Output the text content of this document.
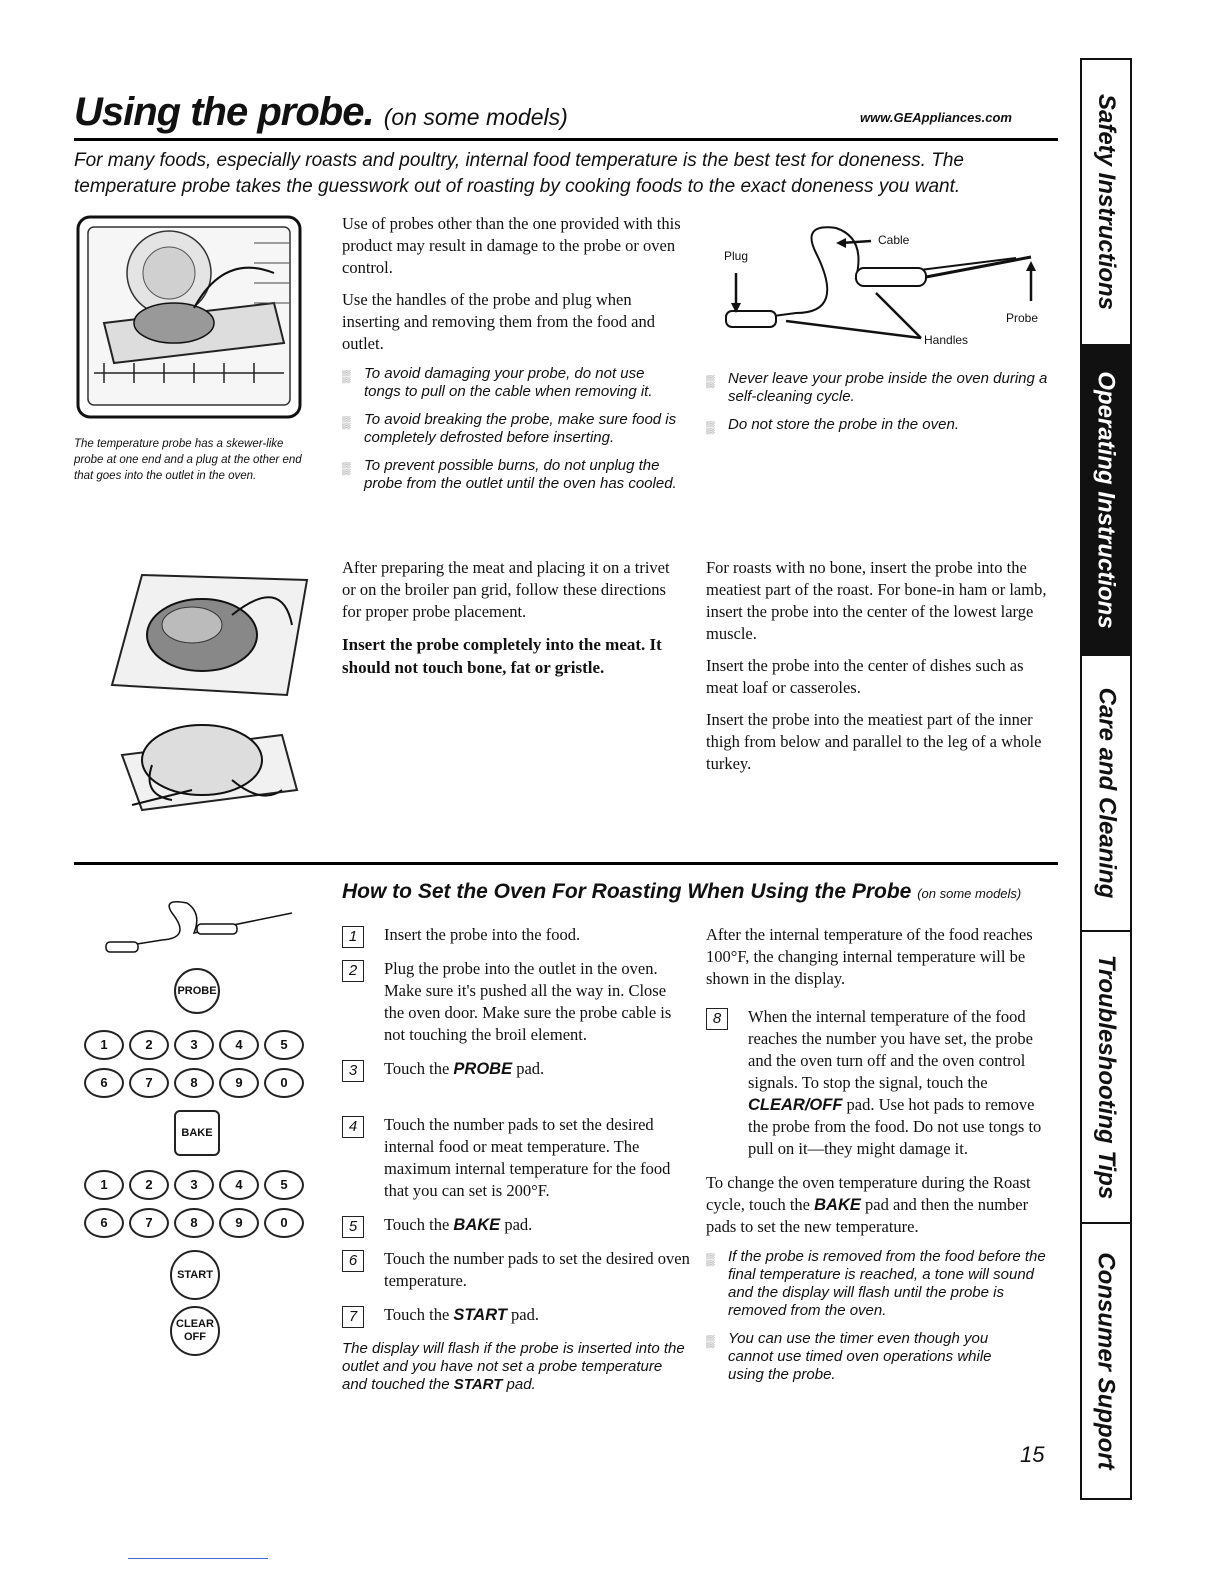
Using the probe. (on some models)	www.GEAppliances.com
For many foods, especially roasts and poultry, internal food temperature is the best test for doneness. The temperature probe takes the guesswork out of roasting by cooking foods to the exact doneness you want.
The temperature probe has a skewer-like probe at one end and a plug at the other end that goes into the outlet in the oven.

Use of probes other than the one provided with this product may result in damage to the probe or oven control.

Use the handles of the probe and plug when inserting and removing them from the food and outlet.

▒ To avoid damaging your probe, do not use tongs to pull on the cable when removing it.
▒ To avoid breaking the probe, make sure food is completely defrosted before inserting.
▒ To prevent possible burns, do not unplug the probe from the outlet until the oven has cooled.
Plug
Cable
Probe
Handles
▒ Never leave your probe inside the oven during a self-cleaning cycle.
▒ Do not store the probe in the oven.

After preparing the meat and placing it on a trivet or on the broiler pan grid, follow these directions for proper probe placement.

Insert the probe completely into the meat. It should not touch bone, fat or gristle.

For roasts with no bone, insert the probe into the meatiest part of the roast. For bone-in ham or lamb, insert the probe into the center of the lowest large muscle.

Insert the probe into the center of dishes such as meat loaf or casseroles.

Insert the probe into the meatiest part of the inner thigh from below and parallel to the leg of a whole turkey.

How to Set the Oven For Roasting When Using the Probe (on some models)
PROBE
1	2	3	4	5
6	7	8	9	0
BAKE
1	2	3	4	5
6	7	8	9	0
START
CLEAR
OFF
1	Insert the probe into the food.
2	Plug the probe into the outlet in the oven. Make sure it's pushed all the way in. Close the oven door. Make sure the probe cable is not touching the broil element.
3	Touch the PROBE pad.
4	Touch the number pads to set the desired internal food or meat temperature. The maximum internal temperature for the food that you can set is 200°F.
5	Touch the BAKE pad.
6	Touch the number pads to set the desired oven temperature.
7	Touch the START pad.
The display will flash if the probe is inserted into the outlet and you have not set a probe temperature and touched the START pad.

After the internal temperature of the food reaches 100°F, the changing internal temperature will be shown in the display.

8	When the internal temperature of the food reaches the number you have set, the probe and the oven turn off and the oven control signals. To stop the signal, touch the CLEAR/OFF pad. Use hot pads to remove the probe from the food. Do not use tongs to pull on it—they might damage it.

To change the oven temperature during the Roast cycle, touch the BAKE pad and then the number pads to set the new temperature.

▒ If the probe is removed from the food before the final temperature is reached, a tone will sound and the display will flash until the probe is removed from the oven.
▒ You can use the timer even though you cannot use timed oven operations while using the probe.
15
Safety Instructions
Operating Instructions
Care and Cleaning
Troubleshooting Tips
Consumer Support
